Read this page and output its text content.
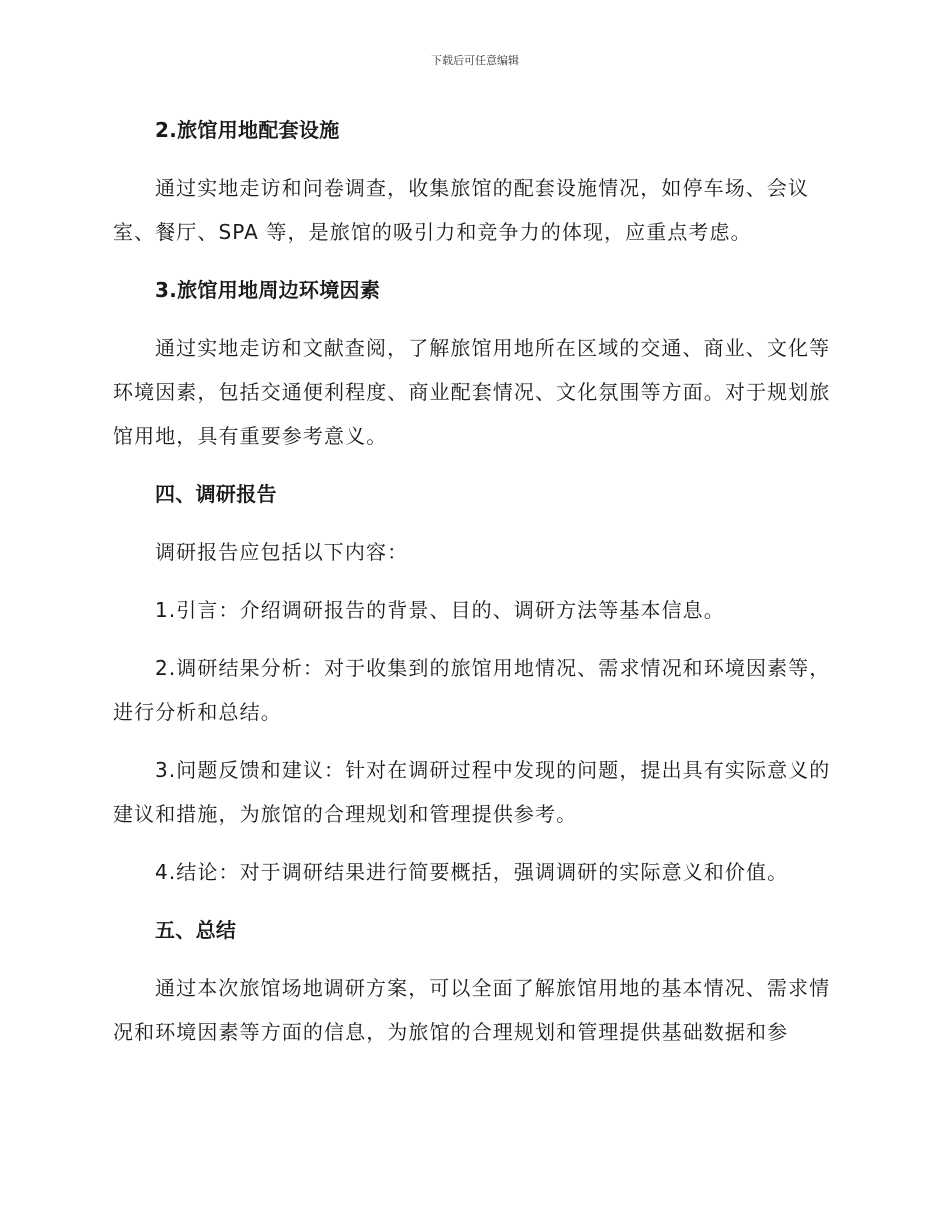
下载后可任意编辑

2.旅馆用地配套设施

通过实地走访和问卷调查，收集旅馆的配套设施情况，如停车场、会议室、餐厅、SPA 等，是旅馆的吸引力和竞争力的体现，应重点考虑。

3.旅馆用地周边环境因素

通过实地走访和文献查阅，了解旅馆用地所在区域的交通、商业、文化等环境因素，包括交通便利程度、商业配套情况、文化氛围等方面。对于规划旅馆用地，具有重要参考意义。

四、调研报告

调研报告应包括以下内容：

1.引言：介绍调研报告的背景、目的、调研方法等基本信息。

2.调研结果分析：对于收集到的旅馆用地情况、需求情况和环境因素等，进行分析和总结。

3.问题反馈和建议：针对在调研过程中发现的问题，提出具有实际意义的建议和措施，为旅馆的合理规划和管理提供参考。

4.结论：对于调研结果进行简要概括，强调调研的实际意义和价值。

五、总结

通过本次旅馆场地调研方案，可以全面了解旅馆用地的基本情况、需求情况和环境因素等方面的信息，为旅馆的合理规划和管理提供基础数据和参
